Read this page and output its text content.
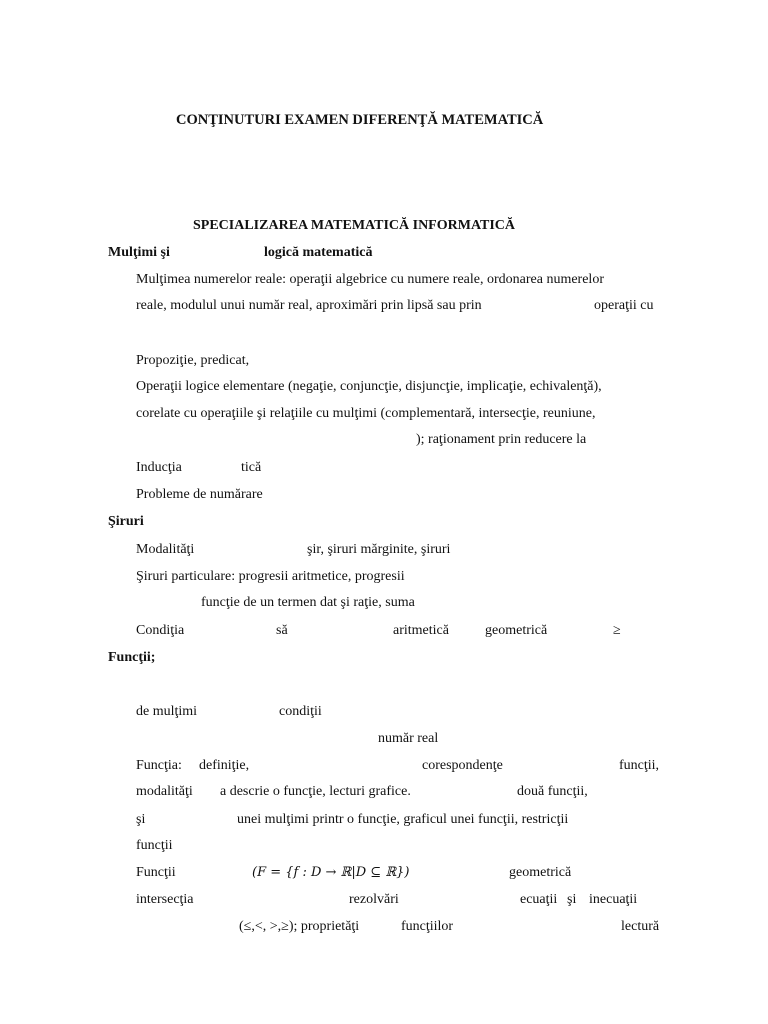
CONŢINUTURI EXAMEN DIFERENŢĂ MATEMATICĂ
SPECIALIZAREA MATEMATICĂ INFORMATICĂ
Mulţimi şi	logică matematică
Mulţimea numerelor reale: operaţii algebrice cu numere reale, ordonarea numerelor
reale, modulul unui număr real, aproximări prin lipsă sau prin	operaţii cu
Propoziţie, predicat,
Operaţii logice elementare (negaţie, conjuncţie, disjuncţie, implicaţie, echivalenţă),
corelate cu operaţiile şi relaţiile cu mulţimi (complementară, intersecţie, reuniune,
); raţionament prin reducere la
Inducţia	tică
Probleme de numărare
Şiruri
Modalităţi	şir, şiruri mărginite, şiruri
Şiruri particulare: progresii aritmetice, progresii
funcţie de un termen dat şi raţie, suma
Condiţia	să	aritmetică	geometrică	≥
Funcţii;
de mulţimi	condiţii
număr real
Funcţia: definiţie,	corespondenţe	funcţii,
modalităţi a descrie o funcţie, lecturi grafice.	două funcţii,
şi	unei mulţimi printr o funcţie, graficul unei funcţii, restricţii
funcţii
Funcţii	(F = {f : D → ℝ|D ⊆ ℝ})	geometrică
intersecţia	rezolvări	ecuaţii şi inecuaţii
(≤,<, >,≥); proprietăţi	funcţiilor	lectură
